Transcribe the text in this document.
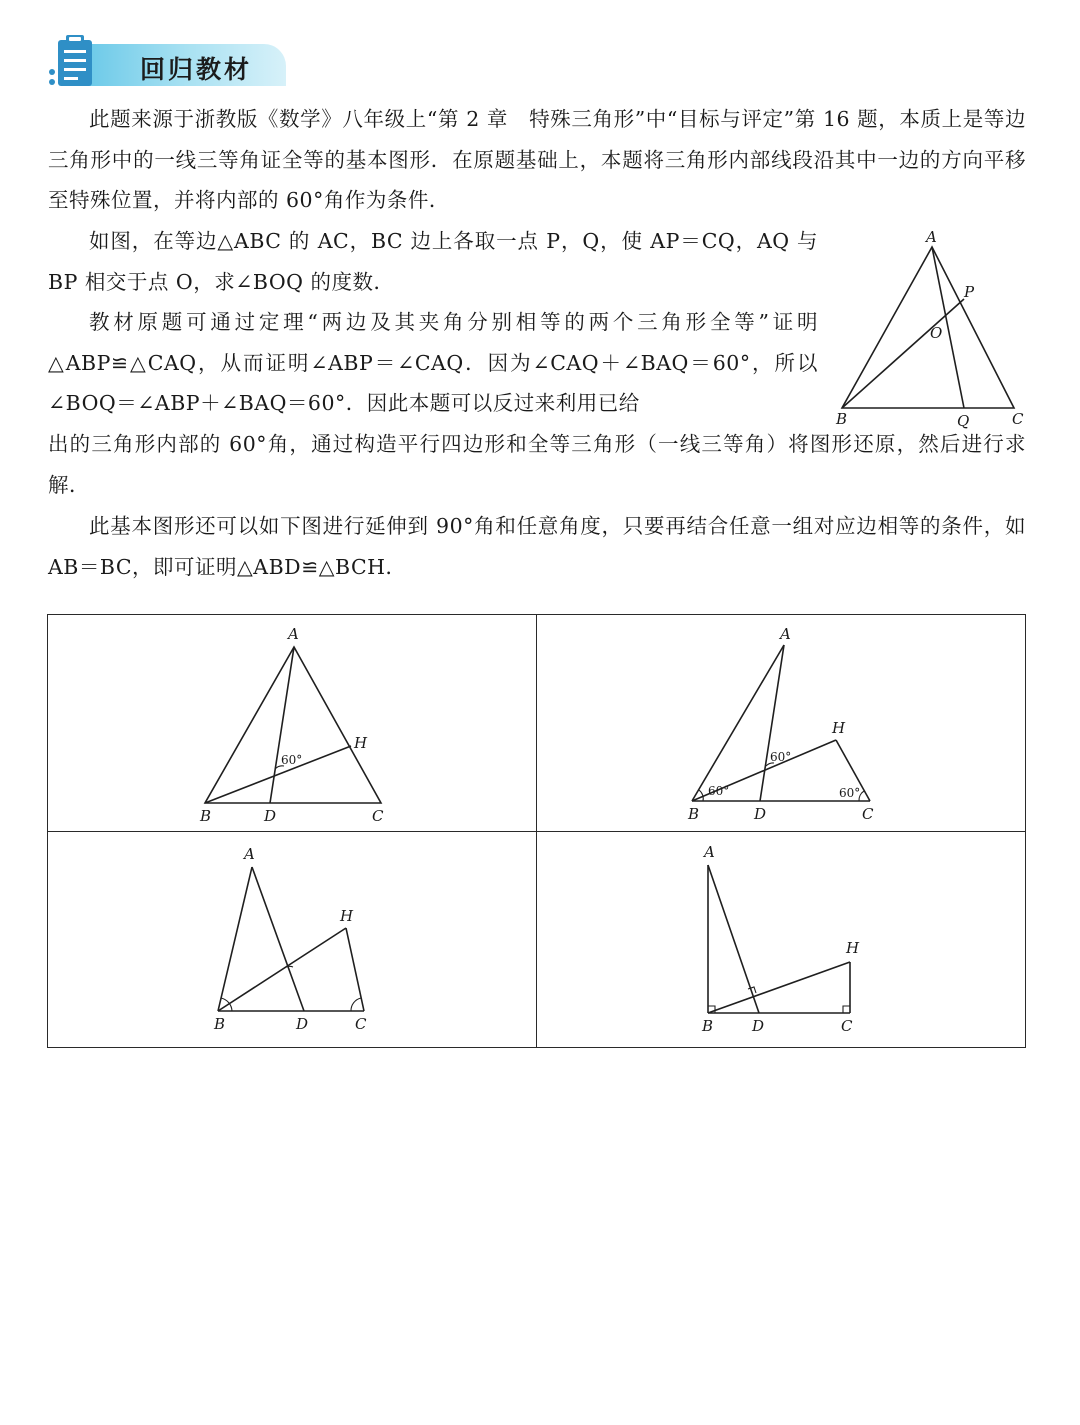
回归教材

此题来源于浙教版《数学》八年级上“第 2 章　特殊三角形”中“目标与评定”第 16 题，本质上是等边三角形中的一线三等角证全等的基本图形．在原题基础上，本题将三角形内部线段沿其中一边的方向平移至特殊位置，并将内部的 60°角作为条件．

如图，在等边△ABC 的 AC，BC 边上各取一点 P，Q，使 AP＝CQ，AQ 与 BP 相交于点 O，求∠BOQ 的度数．

教材原题可通过定理“两边及其夹角分别相等的两个三角形全等”证明△ABP≌△CAQ，从而证明∠ABP＝∠CAQ．因为∠CAQ＋∠BAQ＝60°，所以∠BOQ＝∠ABP＋∠BAQ＝60°．因此本题可以反过来利用已给

出的三角形内部的 60°角，通过构造平行四边形和全等三角形（一线三等角）将图形还原，然后进行求解．

此基本图形还可以如下图进行延伸到 90°角和任意角度，只要再结合任意一组对应边相等的条件，如 AB＝BC，即可证明△ABD≌△BCH．

A
B	C
P
Q
O
60°
A
B	D	C
H
60°
60°	60°
A
B	D	C
H
A
B	D	C
H
A
B	D	C
H
